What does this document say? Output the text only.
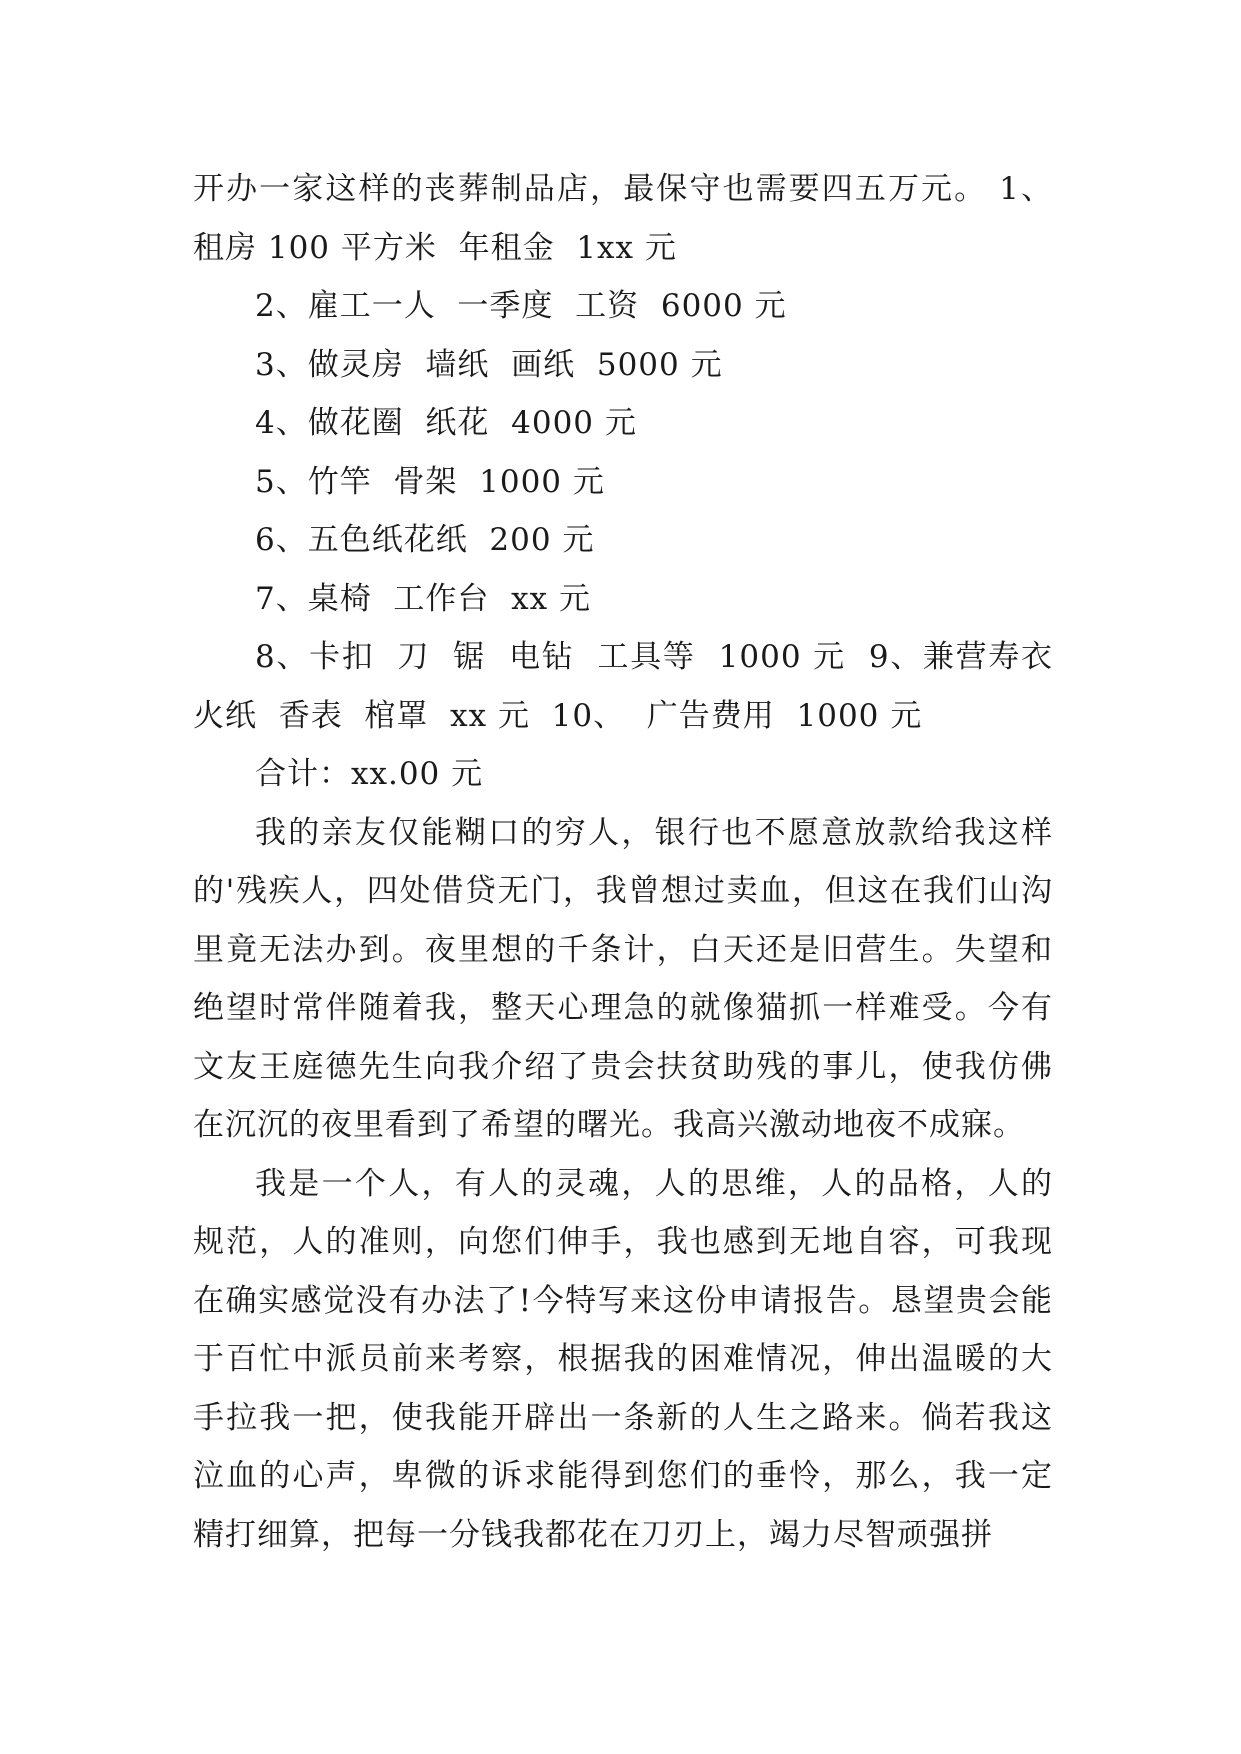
开办一家这样的丧葬制品店，最保守也需要四五万元。 1、租房 100 平方米  年租金  1xx 元

2、雇工一人  一季度  工资  6000 元

3、做灵房  墙纸  画纸  5000 元

4、做花圈  纸花  4000 元

5、竹竿  骨架  1000 元

6、五色纸花纸  200 元

7、桌椅  工作台  xx 元

8、卡扣  刀  锯  电钻  工具等  1000 元  9、兼营寿衣  火纸  香表  棺罩  xx 元  10、  广告费用  1000 元

合计：xx.00 元

我的亲友仅能糊口的穷人，银行也不愿意放款给我这样的'残疾人，四处借贷无门，我曾想过卖血，但这在我们山沟里竟无法办到。夜里想的千条计，白天还是旧营生。失望和绝望时常伴随着我，整天心理急的就像猫抓一样难受。今有文友王庭德先生向我介绍了贵会扶贫助残的事儿，使我仿佛在沉沉的夜里看到了希望的曙光。我高兴激动地夜不成寐。

我是一个人，有人的灵魂，人的思维，人的品格，人的规范，人的准则，向您们伸手，我也感到无地自容，可我现在确实感觉没有办法了!今特写来这份申请报告。恳望贵会能于百忙中派员前来考察，根据我的困难情况，伸出温暖的大手拉我一把，使我能开辟出一条新的人生之路来。倘若我这泣血的心声，卑微的诉求能得到您们的垂怜，那么，我一定精打细算，把每一分钱我都花在刀刃上，竭力尽智顽强拼
